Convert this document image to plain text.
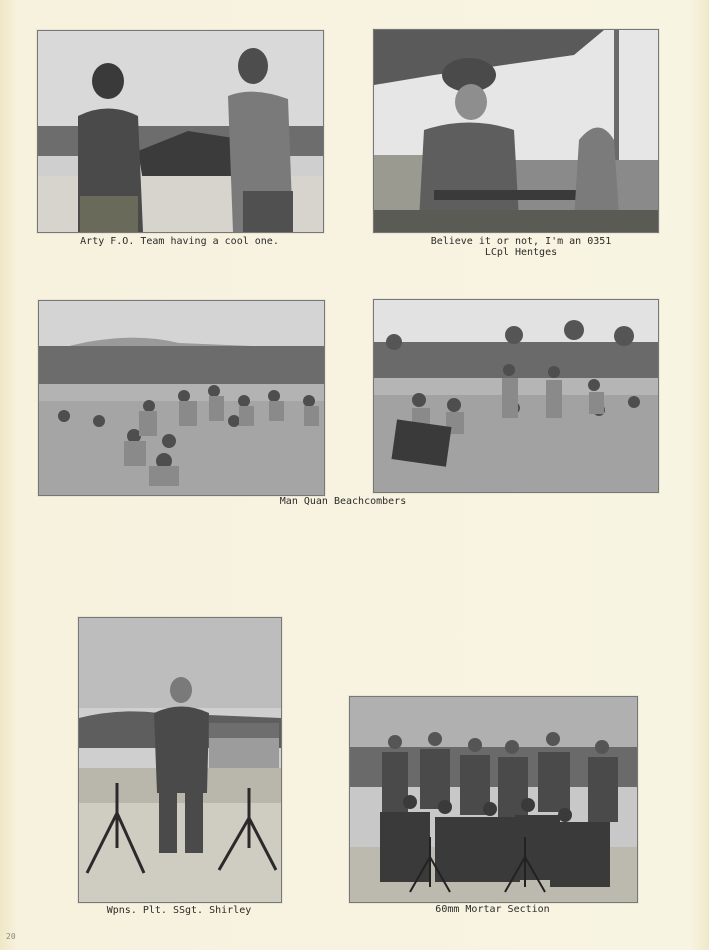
Arty F.O. Team having a cool one.	Believe it or not, I'm an 0351
LCpl Hentges
Man Quan Beachcombers
Wpns. Plt. SSgt. Shirley	60mm Mortar Section
20
